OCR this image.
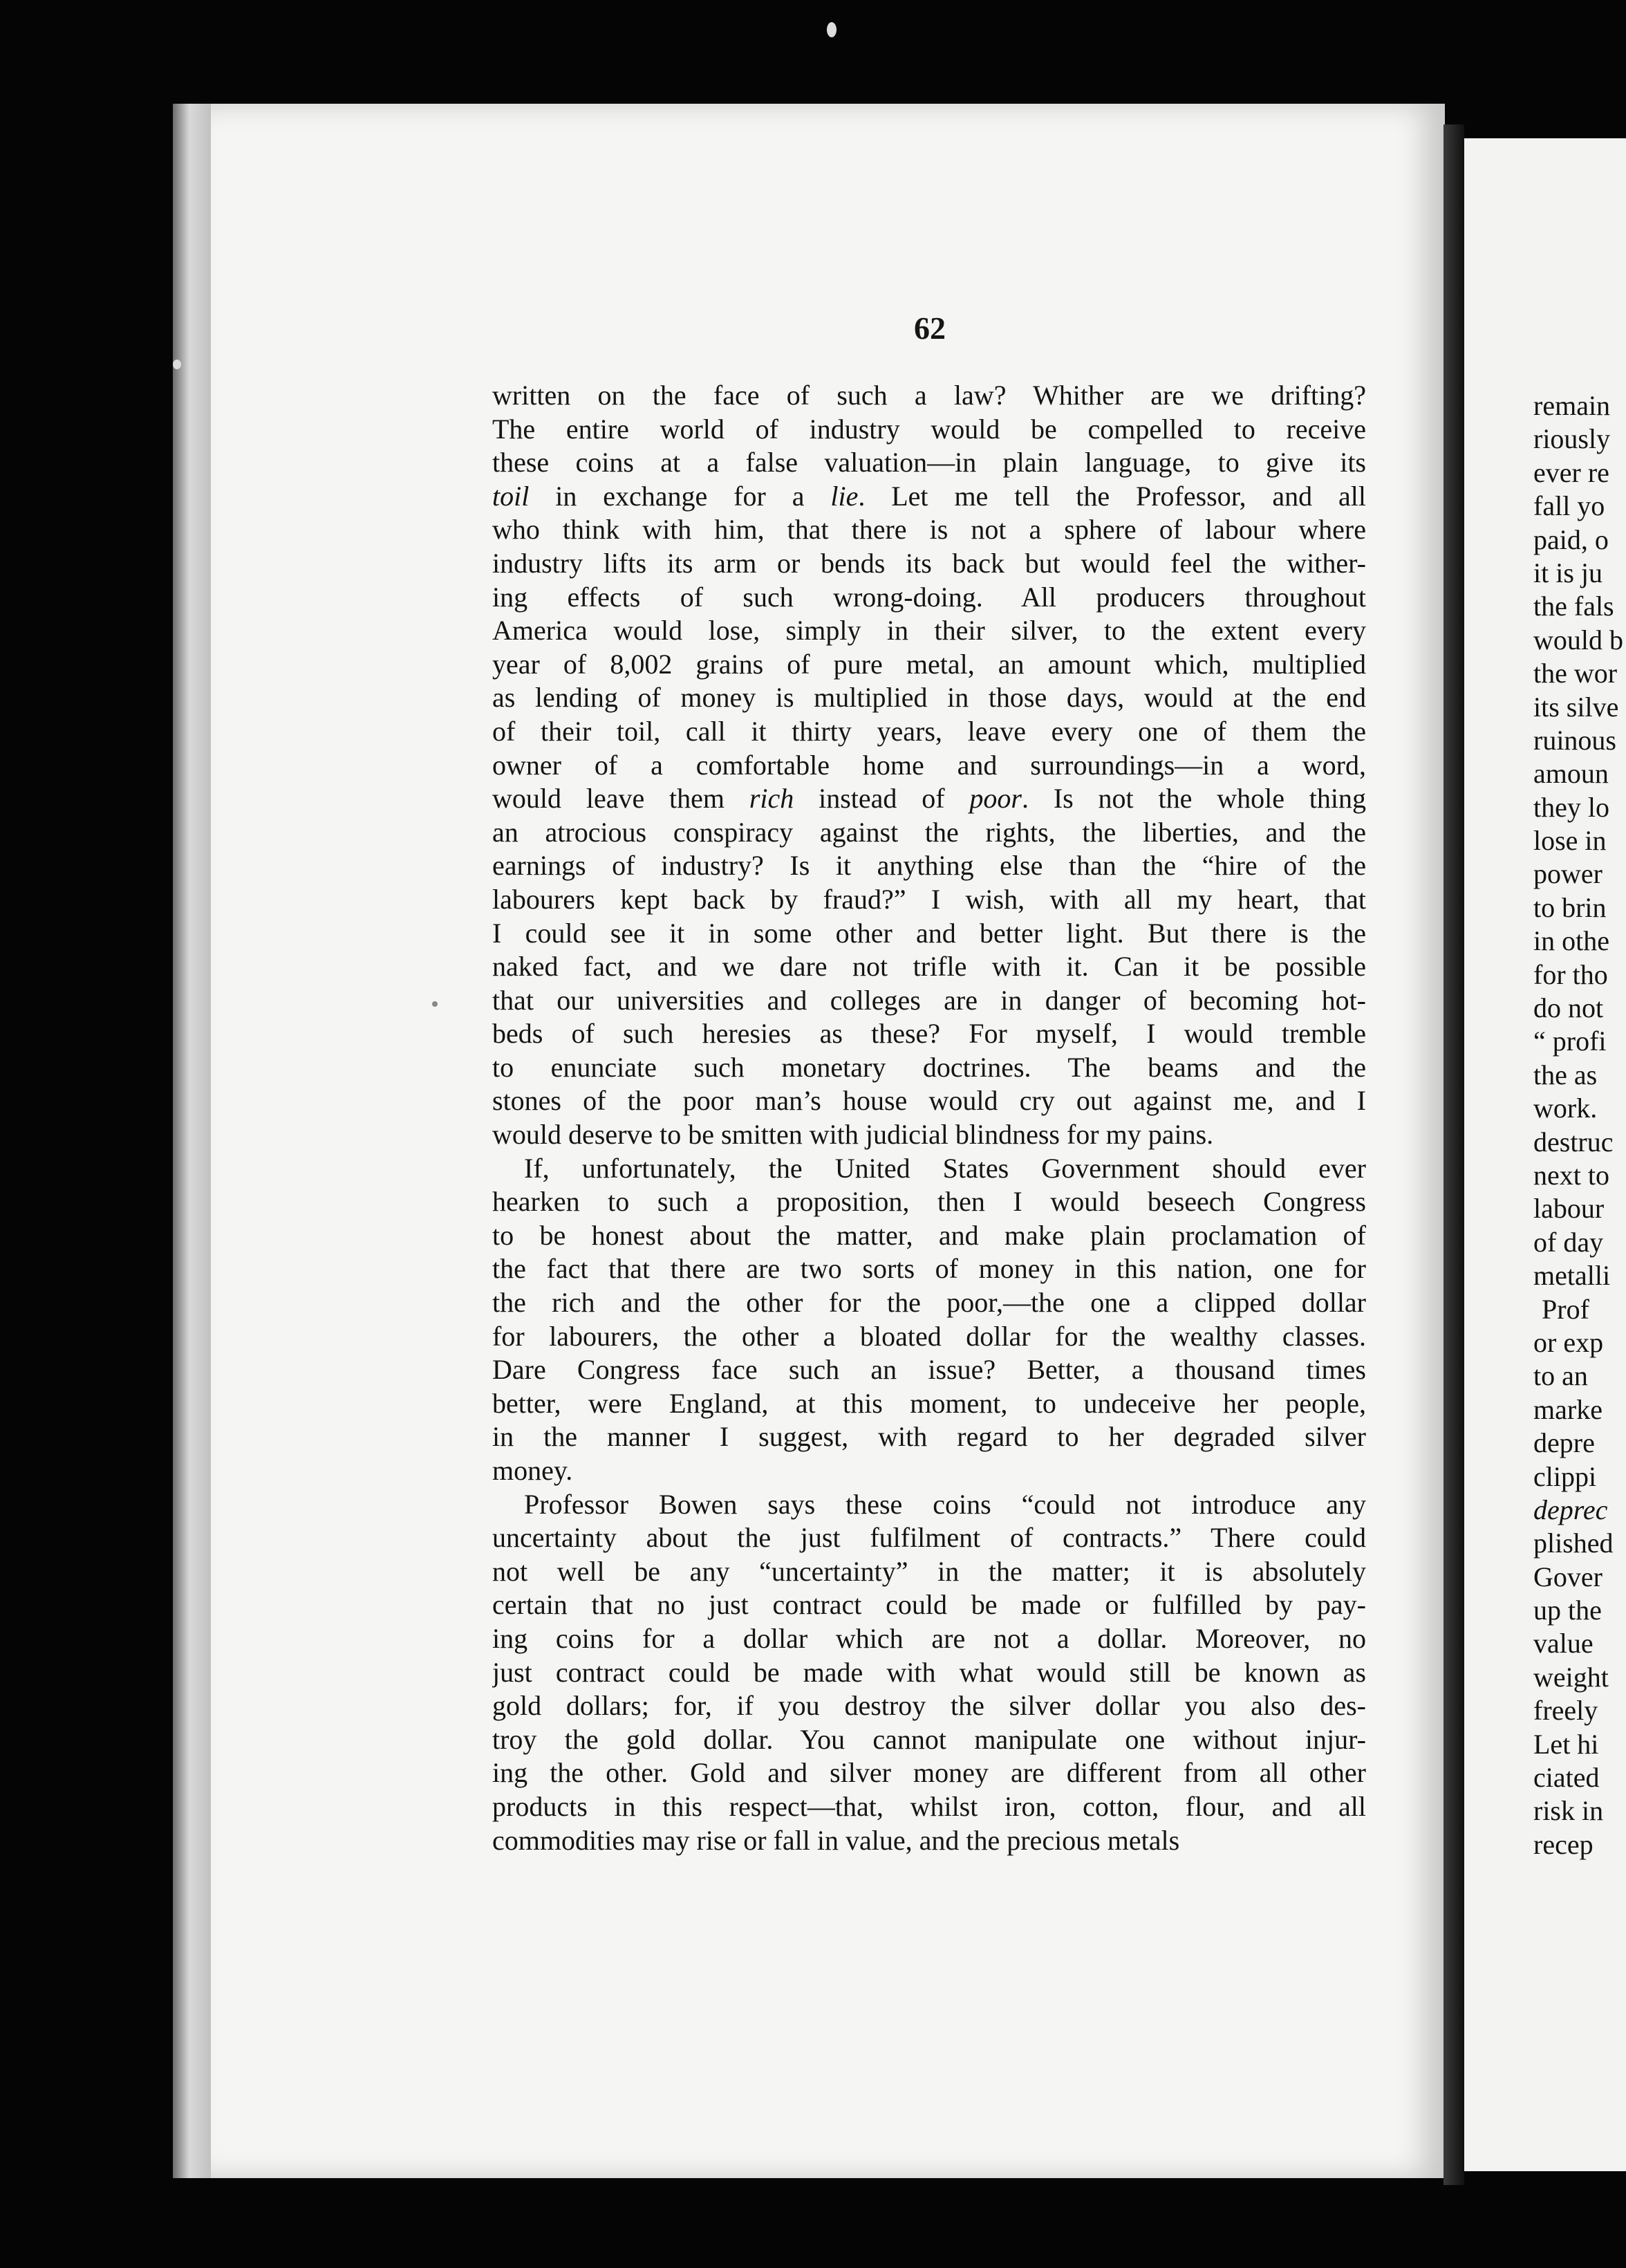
62
written on the face of such a law? Whither are we drifting?
The entire world of industry would be compelled to receive
these coins at a false valuation—in plain language, to give its
toil in exchange for a lie. Let me tell the Professor, and all
who think with him, that there is not a sphere of labour where
industry lifts its arm or bends its back but would feel the wither-
ing effects of such wrong-doing. All producers throughout
America would lose, simply in their silver, to the extent every
year of 8,002 grains of pure metal, an amount which, multiplied
as lending of money is multiplied in those days, would at the end
of their toil, call it thirty years, leave every one of them the
owner of a comfortable home and surroundings—in a word,
would leave them rich instead of poor. Is not the whole thing
an atrocious conspiracy against the rights, the liberties, and the
earnings of industry? Is it anything else than the “hire of the
labourers kept back by fraud?” I wish, with all my heart, that
I could see it in some other and better light. But there is the
naked fact, and we dare not trifle with it. Can it be possible
that our universities and colleges are in danger of becoming hot-
beds of such heresies as these? For myself, I would tremble
to enunciate such monetary doctrines. The beams and the
stones of the poor man’s house would cry out against me, and I
would deserve to be smitten with judicial blindness for my pains.
If, unfortunately, the United States Government should ever
hearken to such a proposition, then I would beseech Congress
to be honest about the matter, and make plain proclamation of
the fact that there are two sorts of money in this nation, one for
the rich and the other for the poor,—the one a clipped dollar
for labourers, the other a bloated dollar for the wealthy classes.
Dare Congress face such an issue? Better, a thousand times
better, were England, at this moment, to undeceive her people,
in the manner I suggest, with regard to her degraded silver
money.
Professor Bowen says these coins “could not introduce any
uncertainty about the just fulfilment of contracts.” There could
not well be any “uncertainty” in the matter; it is absolutely
certain that no just contract could be made or fulfilled by pay-
ing coins for a dollar which are not a dollar. Moreover, no
just contract could be made with what would still be known as
gold dollars; for, if you destroy the silver dollar you also des-
troy the gold dollar. You cannot manipulate one without injur-
ing the other. Gold and silver money are different from all other
products in this respect—that, whilst iron, cotton, flour, and all
commodities may rise or fall in value, and the precious metals
remain
riously
ever re
fall yo
paid, o
it is ju
the fals
would b
the wor
its silve
ruinous
amoun
they lo
lose in
power
to brin
in othe
for tho
do not
“ profi
the as
work.
destruc
next to
labour
of day
metalli
Prof
or exp
to an
marke
depre
clippi
deprec
plished
Gover
up the
value
weight
freely
Let hi
ciated
risk in
recep
